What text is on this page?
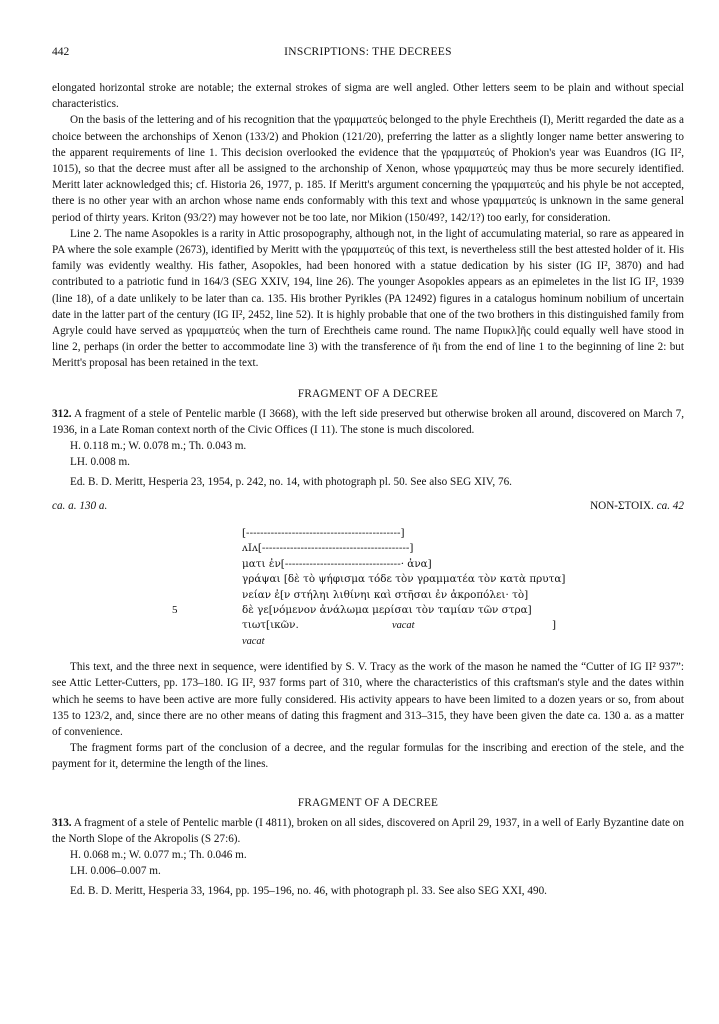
442	INSCRIPTIONS: THE DECREES

elongated horizontal stroke are notable; the external strokes of sigma are well angled. Other letters seem to be plain and without special characteristics.

On the basis of the lettering and of his recognition that the γραμματεύς belonged to the phyle Erechtheis (I), Meritt regarded the date as a choice between the archonships of Xenon (133/2) and Phokion (121/20), preferring the latter as a slightly longer name better answering to the apparent requirements of line 1. This decision overlooked the evidence that the γραμματεύς of Phokion's year was Euandros (IG II², 1015), so that the decree must after all be assigned to the archonship of Xenon, whose γραμματεύς may thus be more securely identified. Meritt later acknowledged this; cf. Historia 26, 1977, p. 185. If Meritt's argument concerning the γραμματεύς and his phyle be not accepted, there is no other year with an archon whose name ends conformably with this text and whose γραμματεύς is unknown in the same general period of thirty years. Kriton (93/2?) may however not be too late, nor Mikion (150/49?, 142/1?) too early, for consideration.

Line 2. The name Asopokles is a rarity in Attic prosopography, although not, in the light of accumulating material, so rare as appeared in PA where the sole example (2673), identified by Meritt with the γραμματεύς of this text, is nevertheless still the best attested holder of it. His family was evidently wealthy. His father, Asopokles, had been honored with a statue dedication by his sister (IG II², 3870) and had contributed to a patriotic fund in 164/3 (SEG XXIV, 194, line 26). The younger Asopokles appears as an epimeletes in the list IG II², 1939 (line 18), of a date unlikely to be later than ca. 135. His brother Pyrikles (PA 12492) figures in a catalogus hominum nobilium of uncertain date in the latter part of the century (IG II², 2452, line 52). It is highly probable that one of the two brothers in this distinguished family from Agryle could have served as γραμματεύς when the turn of Erechtheis came round. The name Πυρικλ]ῆς could equally well have stood in line 2, perhaps (in order the better to accommodate line 3) with the transference of ῆι from the end of line 1 to the beginning of line 2: but Meritt's proposal has been retained in the text.

FRAGMENT OF A DECREE

312. A fragment of a stele of Pentelic marble (I 3668), with the left side preserved but otherwise broken all around, discovered on March 7, 1936, in a Late Roman context north of the Civic Offices (I 11). The stone is much discolored.

H. 0.118 m.; W. 0.078 m.; Th. 0.043 m.
LH. 0.008 m.
Ed. B. D. Meritt, Hesperia 23, 1954, p. 242, no. 14, with photograph pl. 50. See also SEG XIV, 76.
ca. a. 130 a.	NON-ΣΤΟΙΧ. ca. 42
[--------------------------------------------]
ʌIʌ[------------------------------------------]
ματι ἐν[---------------------------------· ἀνα]
γράψαι [δὲ τὸ ψήφισμα τόδε τὸν γραμματέα τὸν κατὰ πρυτα]
νείαν ἐ[ν στήληι λιθίνηι καὶ στῆσαι ἐν ἀκροπόλει· τὸ]
5	δὲ γε[νόμενον ἀνάλωμα μερίσαι τὸν ταμίαν τῶν στρα]
τιωτ[ικῶν.	vacat	]
vacat

This text, and the three next in sequence, were identified by S. V. Tracy as the work of the mason he named the “Cutter of IG II² 937”: see Attic Letter-Cutters, pp. 173–180. IG II², 937 forms part of 310, where the characteristics of this craftsman's style and the dates within which he seems to have been active are more fully considered. His activity appears to have been limited to a dozen years or so, from about 135 to 123/2, and, since there are no other means of dating this fragment and 313–315, they have been given the date ca. 130 a. as a matter of convenience.

The fragment forms part of the conclusion of a decree, and the regular formulas for the inscribing and erection of the stele, and the payment for it, determine the length of the lines.

FRAGMENT OF A DECREE

313. A fragment of a stele of Pentelic marble (I 4811), broken on all sides, discovered on April 29, 1937, in a well of Early Byzantine date on the North Slope of the Akropolis (S 27:6).

H. 0.068 m.; W. 0.077 m.; Th. 0.046 m.
LH. 0.006–0.007 m.
Ed. B. D. Meritt, Hesperia 33, 1964, pp. 195–196, no. 46, with photograph pl. 33. See also SEG XXI, 490.
